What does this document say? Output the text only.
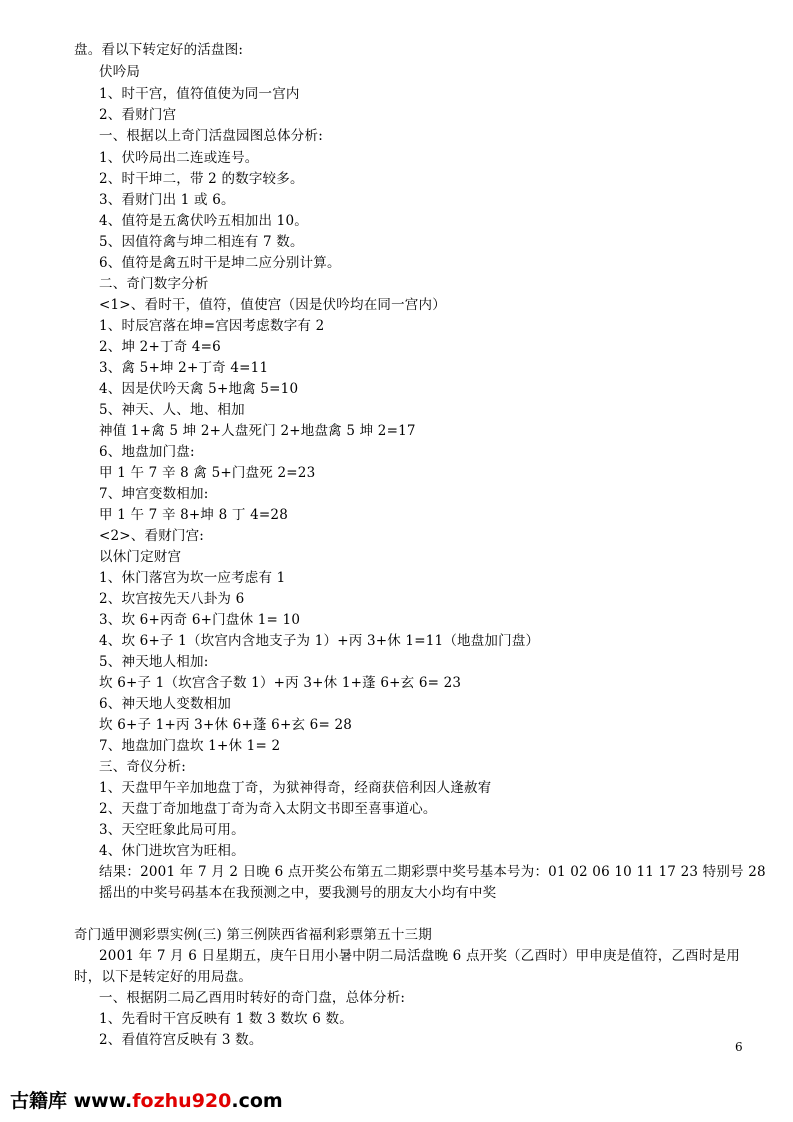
盘。看以下转定好的活盘图:
伏吟局
1、时干宫，值符值使为同一宫内
2、看财门宫
一、根据以上奇门活盘园图总体分析:
1、伏吟局出二连或连号。
2、时干坤二，带 2 的数字较多。
3、看财门出 1 或 6。
4、值符是五禽伏吟五相加出 10。
5、因值符禽与坤二相连有 7 数。
6、值符是禽五时干是坤二应分别计算。
二、奇门数字分析
<1>、看时干，值符，值使宫（因是伏吟均在同一宫内）
1、时辰宫落在坤=宫因考虑数字有 2
2、坤 2+丁奇 4=6
3、禽 5+坤 2+丁奇 4=11
4、因是伏吟天禽 5+地禽 5=10
5、神天、人、地、相加
神值 1+禽 5 坤 2+人盘死门 2+地盘禽 5 坤 2=17
6、地盘加门盘:
甲 1 午 7 辛 8 禽 5+门盘死 2=23
7、坤宫变数相加:
甲 1 午 7 辛 8+坤 8 丁 4=28
<2>、看财门宫:
以休门定财宫
1、休门落宫为坎一应考虑有 1
2、坎宫按先天八卦为 6
3、坎 6+丙奇 6+门盘休 1= 10
4、坎 6+子 1（坎宫内含地支子为 1）+丙 3+休 1=11（地盘加门盘）
5、神天地人相加:
坎 6+子 1（坎宫含子数 1）+丙 3+休 1+蓬 6+玄 6= 23
6、神天地人变数相加
坎 6+子 1+丙 3+休 6+蓬 6+玄 6= 28
7、地盘加门盘坎 1+休 1= 2
三、奇仪分析:
1、天盘甲午辛加地盘丁奇，为狱神得奇，经商获倍利因人逢赦宥
2、天盘丁奇加地盘丁奇为奇入太阴文书即至喜事道心。
3、天空旺象此局可用。
4、休门进坎宫为旺相。
结果：2001 年 7 月 2 日晚 6 点开奖公布第五二期彩票中奖号基本号为：01 02 06 10 11 17 23 特别号 28
摇出的中奖号码基本在我预测之中，要我测号的朋友大小均有中奖
奇门遁甲测彩票实例(三) 第三例陕西省福利彩票第五十三期
2001 年 7 月 6 日星期五，庚午日用小暑中阴二局活盘晚 6 点开奖（乙酉时）甲申庚是值符，乙酉时是用
时，以下是转定好的用局盘。
一、根据阴二局乙酉用时转好的奇门盘，总体分析:
1、先看时干宫反映有 1 数 3 数坎 6 数。
2、看值符宫反映有 3 数。	6
古籍库 www.fozhu920.com
